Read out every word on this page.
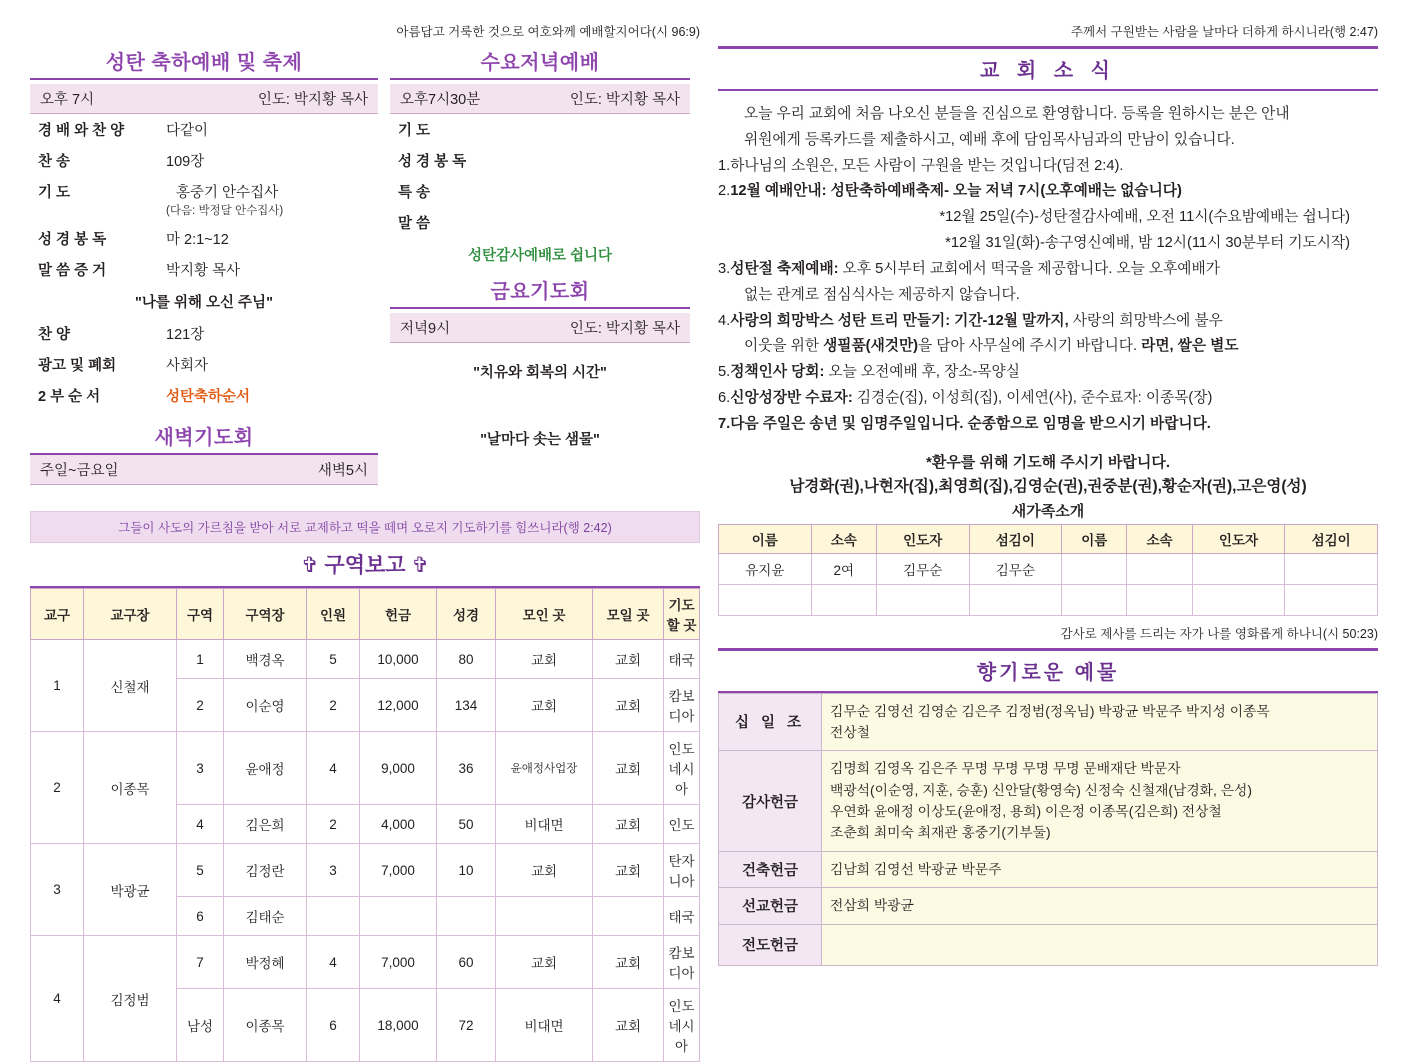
아름답고 거룩한 것으로 여호와께 예배할지어다(시 96:9)
성탄 축하예배 및 축제
오후 7시	인도: 박지황 목사
경 배 와 찬 양	다같이
찬 송	109장
기 도	홍중기 안수집사
(다음: 박정달 안수집사)

성 경 봉 독	마 2:1~12
말 씀 증 거	박지황 목사
"나를 위해 오신 주님"
찬 양	121장
광고 및 폐회	사회자
2 부 순 서	성탄축하순서
새벽기도회
주일~금요일	새벽5시
수요저녁예배
오후7시30분	인도: 박지황 목사
기 도
성 경 봉 독
특 송
말 씀
성탄감사예배로 쉽니다
금요기도회
저녁9시	인도: 박지황 목사
"치유와 회복의 시간"
"날마다 솟는 샘물"
그들이 사도의 가르침을 받아 서로 교제하고 떡을 떼며 오로지 기도하기를 힘쓰니라(행 2:42)
✞ 구역보고 ✞
교구	교구장	구역	구역장	인원	헌금	성경	모인 곳	모일 곳	기도할 곳
1	신철재	1	백경옥	5	10,000	80	교회	교회	태국
		2	이순영	2	12,000	134	교회	교회	캄보디아
2	이종목	3	윤애정	4	9,000	36	윤애정사업장	교회	인도네시아
		4	김은희	2	4,000	50	비대면	교회	인도
3	박광균	5	김정란	3	7,000	10	교회	교회	탄자니아
		6	김태순						태국
4	김정범	7	박정혜	4	7,000	60	교회	교회	캄보디아
		남성	이종목	6	18,000	72	비대면	교회	인도네시아
주께서 구원받는 사람을 날마다 더하게 하시니라(행 2:47)
교 회 소 식

오늘 우리 교회에 처음 나오신 분들을 진심으로 환영합니다. 등록을 원하시는 분은 안내

위원에게 등록카드를 제출하시고, 예배 후에 담임목사님과의 만남이 있습니다.

1.하나님의 소원은, 모든 사람이 구원을 받는 것입니다(딤전 2:4).

2.12월 예배안내: 성탄축하예배축제- 오늘 저녁 7시(오후예배는 없습니다)

*12월 25일(수)-성탄절감사예배, 오전 11시(수요밤예배는 쉽니다)

*12월 31일(화)-송구영신예배, 밤 12시(11시 30분부터 기도시작)

3.성탄절 축제예배: 오후 5시부터 교회에서 떡국을 제공합니다. 오늘 오후예배가

없는 관계로 점심식사는 제공하지 않습니다.

4.사랑의 희망박스 성탄 트리 만들기: 기간-12월 말까지, 사랑의 희망박스에 불우

이웃을 위한 생필품(새것만)을 담아 사무실에 주시기 바랍니다. 라면, 쌀은 별도

5.정책인사 당회: 오늘 오전예배 후, 장소-목양실

6.신앙성장반 수료자: 김경순(집), 이성희(집), 이세연(사), 준수료자: 이종목(장)

7.다음 주일은 송년 및 임명주일입니다. 순종함으로 임명을 받으시기 바랍니다.

*환우를 위해 기도해 주시기 바랍니다.
남경화(권),나현자(집),최영희(집),김영순(권),권중분(권),황순자(권),고은영(성)
새가족소개
이름	소속	인도자	섬김이	이름	소속	인도자	섬김이
유지윤	2여	김무순	김무순				

감사로 제사를 드리는 자가 나를 영화롭게 하나니(시 50:23)
향기로운 예물
십 일 조	김무순 김영선 김영순 김은주 김정범(정옥님) 박광균 박문주 박지성 이종목
전상철

감사헌금	김명희 김영옥 김은주 무명 무명 무명 무명 문배재단 박문자
백광석(이순영, 지훈, 승훈) 신안달(황영숙) 신정숙 신철재(남경화, 은성)
우연화 윤애정 이상도(윤애정, 용희) 이은정 이종목(김은희) 전상철
조춘희 최미숙 최재관 홍중기(기부둘)

건축헌금	김남희 김영선 박광균 박문주

선교헌금	전삼희 박광균

전도헌금	
